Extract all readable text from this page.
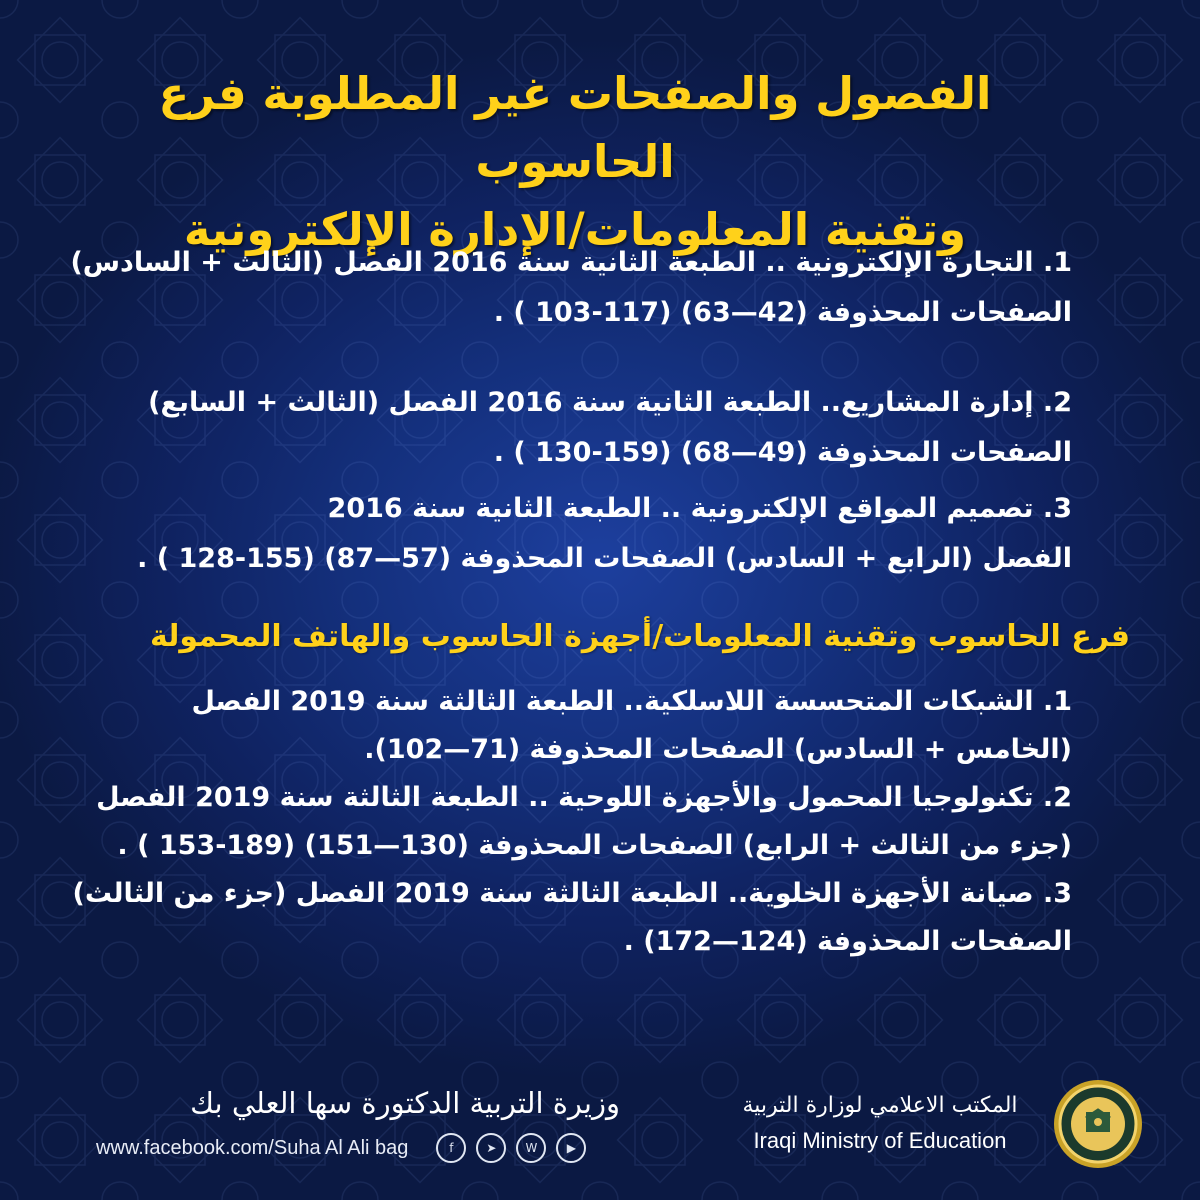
الفصول والصفحات غير المطلوبة فرع الحاسوب
وتقنية المعلومات/الإدارة الإلكترونية
1. التجارة الإلكترونية .. الطبعة الثانية سنة 2016 الفصل (الثالث + السادس)
الصفحات المحذوفة (42—63) (117-103 ) .
2. إدارة المشاريع.. الطبعة الثانية سنة 2016 الفصل (الثالث + السابع)
الصفحات المحذوفة (49—68) (159-130 ) .
3. تصميم المواقع الإلكترونية .. الطبعة الثانية سنة 2016
الفصل (الرابع + السادس) الصفحات المحذوفة (57—87) (155-128 ) .
فرع الحاسوب وتقنية المعلومات/أجهزة الحاسوب والهاتف المحمولة
1. الشبكات المتحسسة اللاسلكية.. الطبعة الثالثة سنة 2019 الفصل
(الخامس + السادس) الصفحات المحذوفة (71—102).
2. تكنولوجيا المحمول والأجهزة اللوحية .. الطبعة الثالثة سنة 2019 الفصل
(جزء من الثالث + الرابع) الصفحات المحذوفة (130—151) (189-153 ) .
3. صيانة الأجهزة الخلوية.. الطبعة الثالثة سنة 2019 الفصل (جزء من الثالث)
الصفحات المحذوفة (124—172) .
وزيرة التربية الدكتورة سها العلي بك
www.facebook.com/Suha Al Ali bag	f	➤	W	▶
المكتب الاعلامي لوزارة التربية
Iraqi Ministry of Education
